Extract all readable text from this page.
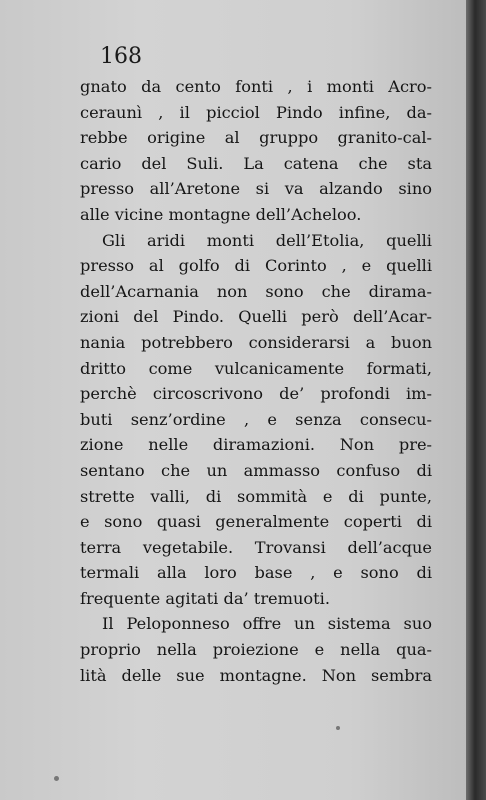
168

gnato da cento fonti , i monti Acro-
ceraunì , il picciol Pindo infine, da-
rebbe origine al gruppo granito-cal-
cario del Suli. La catena che sta
presso all’Aretone si va alzando sino
alle vicine montagne dell’Acheloo.
Gli aridi monti dell’Etolia, quelli
presso al golfo di Corinto , e quelli
dell’Acarnania non sono che dirama-
zioni del Pindo. Quelli però dell’Acar-
nania potrebbero considerarsi a buon
dritto come vulcanicamente formati,
perchè circoscrivono de’ profondi im-
buti senz’ordine , e senza consecu-
zione nelle diramazioni. Non pre-
sentano che un ammasso confuso di
strette valli, di sommità e di punte,
e sono quasi generalmente coperti di
terra vegetabile. Trovansi dell’acque
termali alla loro base , e sono di
frequente agitati da’ tremuoti.
Il Peloponneso offre un sistema suo
proprio nella proiezione e nella qua-
lità delle sue montagne. Non sembra
